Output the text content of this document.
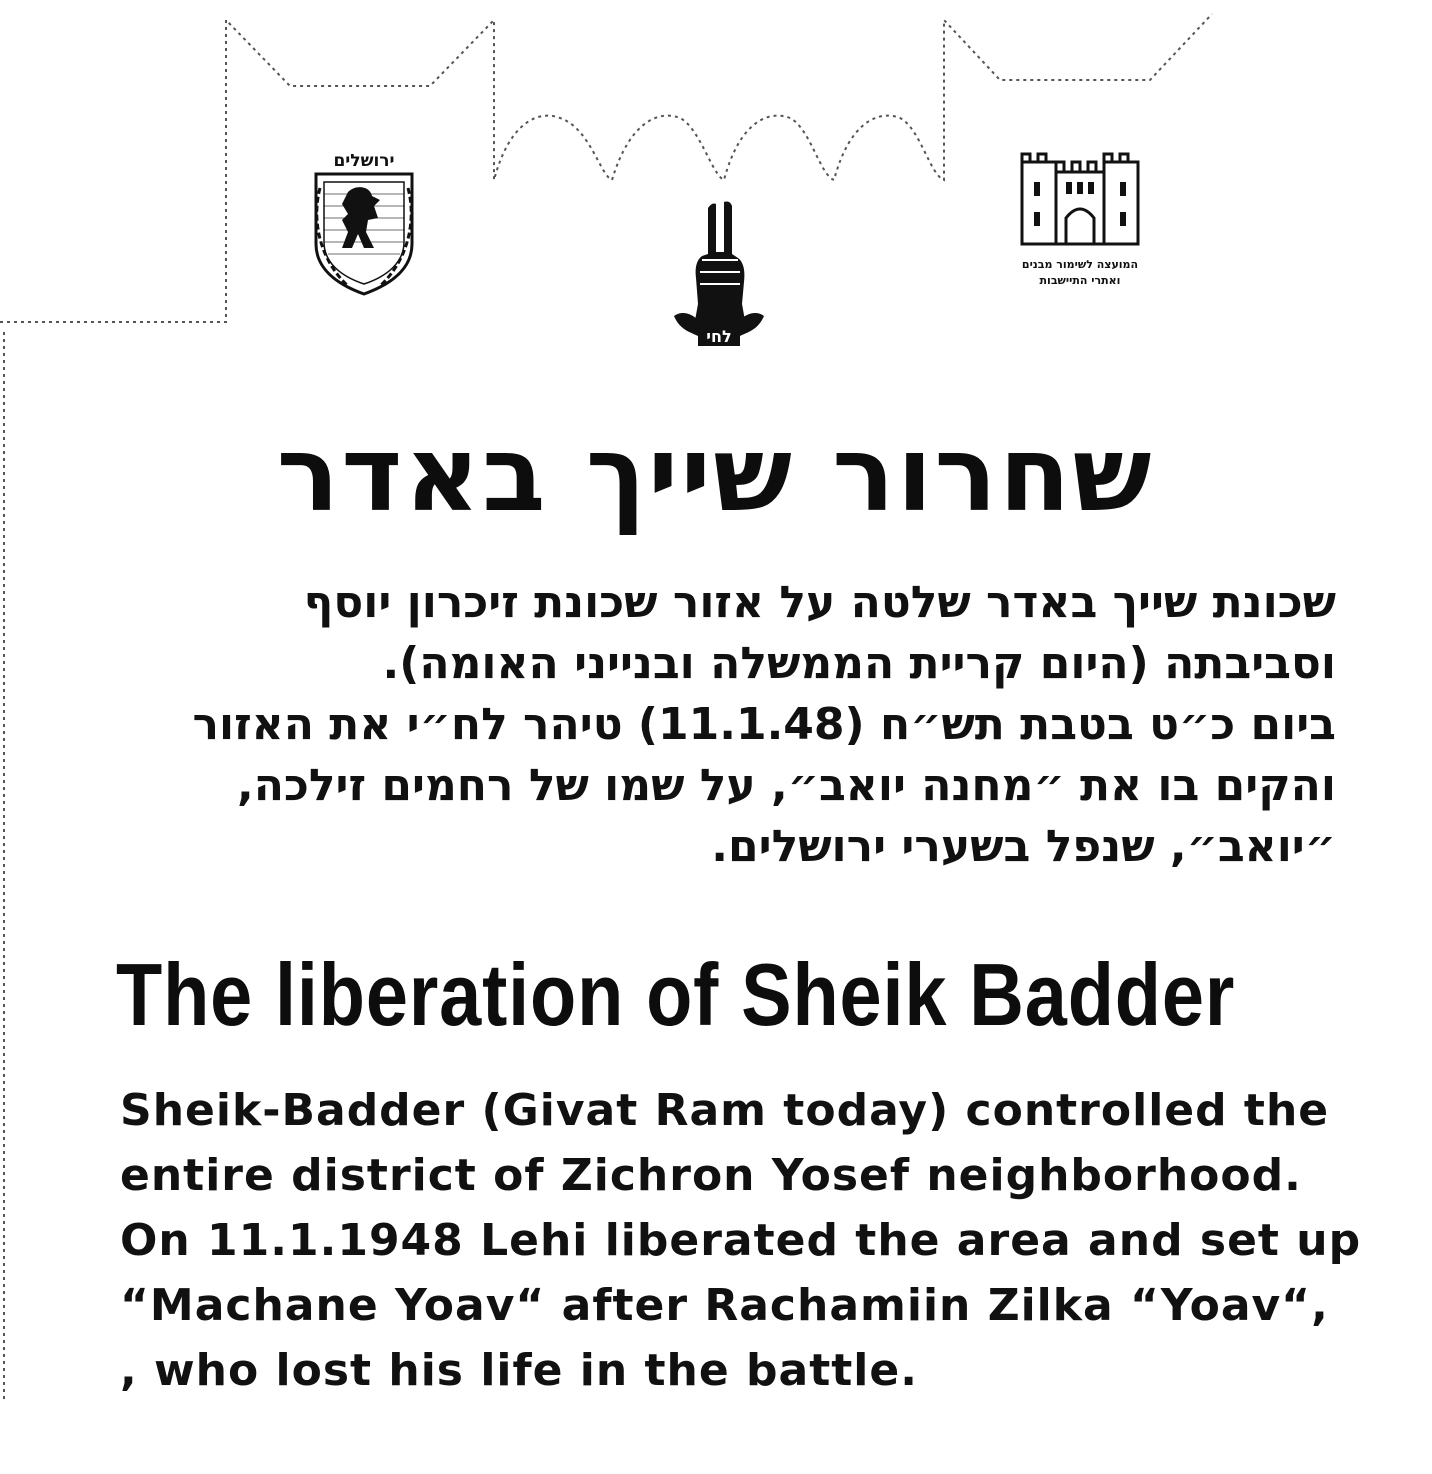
ירושלים
לחי
המועצה לשימור מבנים
ואתרי התיישבות
שחרור שייך באדר
שכונת שייך באדר שלטה על אזור שכונת זיכרון יוסף
וסביבתה (היום קריית הממשלה ובנייני האומה).
ביום כ״ט בטבת תש״ח (11.1.48) טיהר לח״י את האזור
והקים בו את ״מחנה יואב״, על שמו של רחמים זילכה,
״יואב״, שנפל בשערי ירושלים.
The liberation of Sheik Badder
Sheik-Badder (Givat Ram today) controlled the
entire district of Zichron Yosef neighborhood.
On 11.1.1948 Lehi liberated the area and set up
“Machane Yoav“ after Rachamiin Zilka “Yoav“,
, who lost his life in the battle.
